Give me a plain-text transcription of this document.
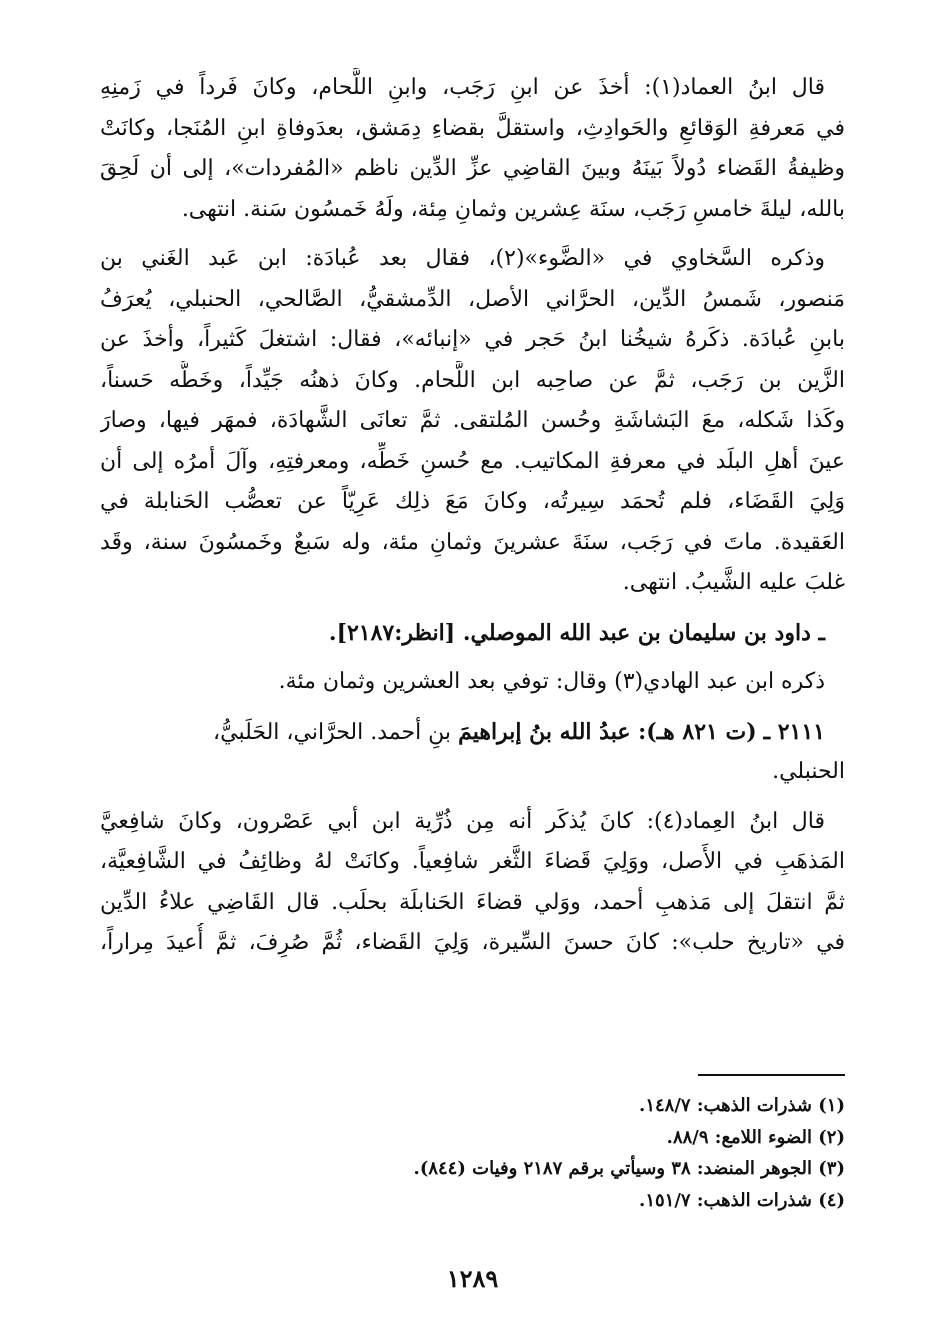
قال ابنُ العماد(١): أخذَ عن ابنِ رَجَب، وابنِ اللَّحام، وكانَ فَرداً في زَمنِهِ
في مَعرفةِ الوَقائعِ والحَوادِثِ، واستقلَّ بقضاءِ دِمَشق، بعدَوفاةِ ابنِ المُنَجا، وكانَتْ
وظيفةُ القَضاء دُولاً بَينَهُ وبينَ القاضِي عزِّ الدِّين ناظم «المُفردات»، إلى أن لَحِقَ
بالله، ليلةَ خامسِ رَجَب، سنَة عِشرين وثمانِ مِئة، ولَهُ خَمسُون سَنة. انتهى.
وذكره السَّخاوي في «الضَّوء»(٢)، فقال بعد عُبادَة: ابن عَبد الغَني بن
مَنصور، شَمسُ الدِّين، الحرَّاني الأصل، الدِّمشقيُّ، الصَّالحي، الحنبلي، يُعرَفُ
بابنِ عُبادَة. ذكَرهُ شيخُنا ابنُ حَجر في «إنبائه»، فقال: اشتغلَ كَثيراً، وأخذَ عن
الزَّين بن رَجَب، ثمَّ عن صاحِبه ابن اللَّحام. وكانَ ذهنُه جَيِّداً، وخَطُّه حَسناً،
وكَذا شَكله، معَ البَشاشَةِ وحُسن المُلتقى. ثمَّ تعانَى الشَّهادَة، فمهَر فيها، وصارَ
عينَ أهلِ البلَد في معرفةِ المكاتيب. مع حُسنِ خَطِّه، ومعرفتِهِ، وآلَ أمرُه إلى أن
وَلِيَ القَضَاء، فلم تُحمَد سِيرتُه، وكانَ مَعَ ذلِك عَرِيّاً عن تعصُّب الحَنابلة في
العَقيدة. ماتَ في رَجَب، سنَةَ عشرينَ وثمانِ مئة، وله سَبعٌ وخَمسُونَ سنة، وقَد
غلبَ عليه الشَّيبُ. انتهى.
ـ داود بن سليمان بن عبد الله الموصلي. [انظر:٢١٨٧].
ذكره ابن عبد الهادي(٣) وقال: توفي بعد العشرين وثمان مئة.
٢١١١ ـ (ت ٨٢١ هـ): عبدُ الله بنُ إبراهيمَ بنِ أحمد. الحرَّاني، الحَلَبيُّ،
الحنبلي.
قال ابنُ العِماد(٤): كانَ يُذكَر أنه مِن ذُرِّية ابن أبي عَصْرون، وكانَ شافِعيَّ
المَذهَبِ في الأَصل، ووَلِيَ قَضاءَ الثَّغر شافِعياً. وكانَتْ لهُ وظائِفُ في الشَّافِعيَّة،
ثمَّ انتقلَ إلى مَذهبِ أحمد، ووَلي قضاءَ الحَنابلَة بحلَب. قال القَاضِي علاءُ الدِّين
في «تاريخ حلب»: كانَ حسنَ السِّيرة، وَلِيَ القَضاء، ثُمَّ صُرِفَ، ثمَّ أُعيدَ مِراراً،
(١) شذرات الذهب: ١٤٨/٧.
(٢) الضوء اللامع: ٨٨/٩.
(٣) الجوهر المنضد: ٣٨ وسيأتي برقم ٢١٨٧ وفيات (٨٤٤).
(٤) شذرات الذهب: ١٥١/٧.
١٢٨٩
